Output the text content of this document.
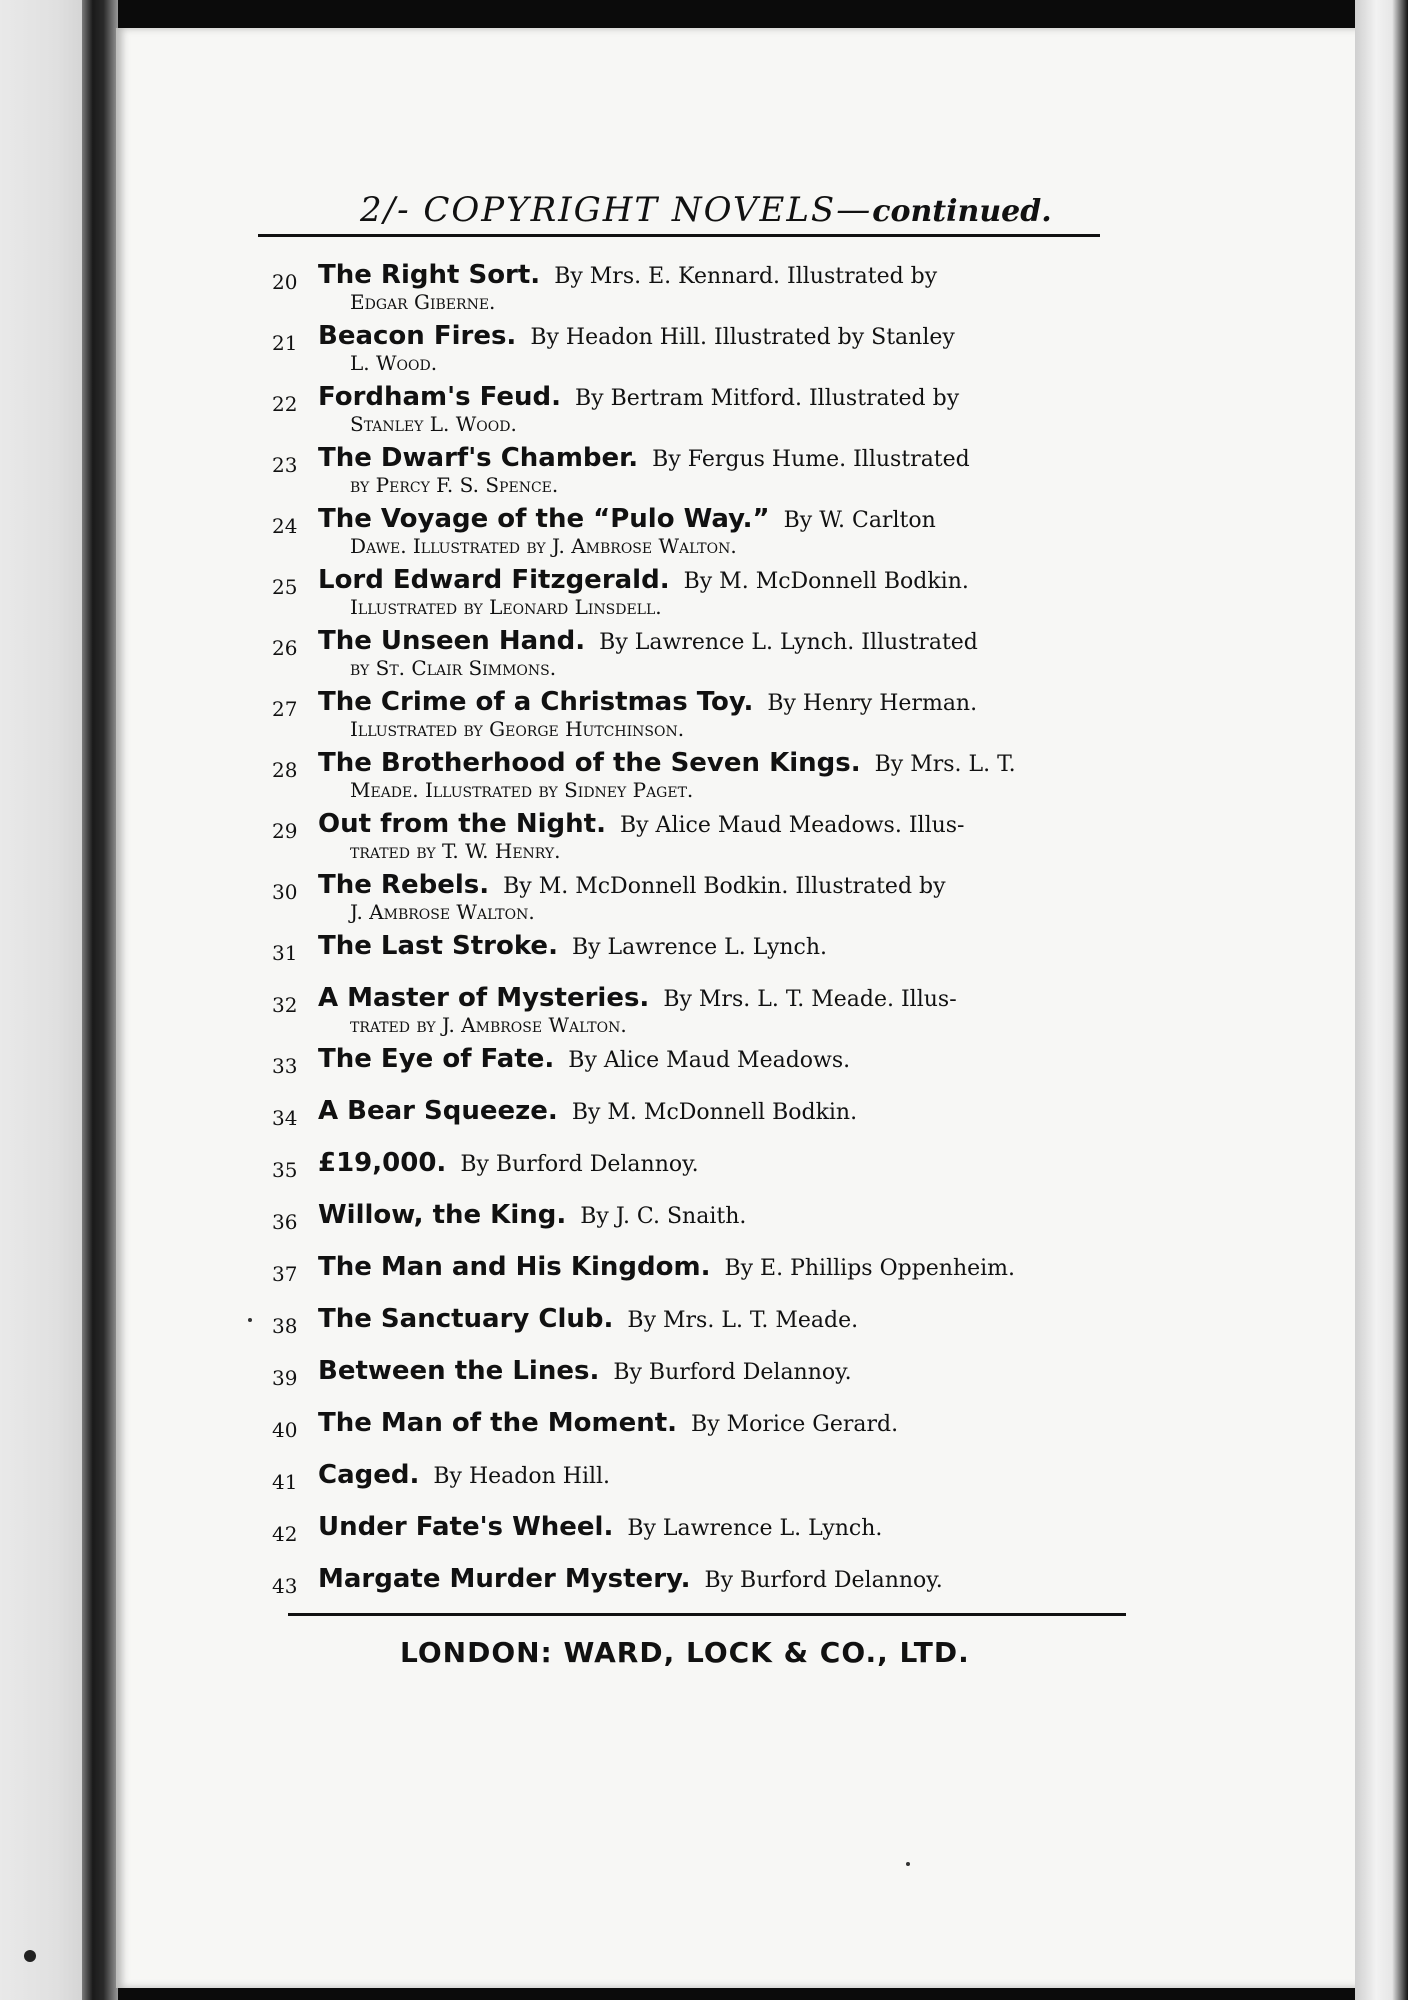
2/- COPYRIGHT NOVELS—continued.
20 The Right Sort. By Mrs. E. Kennard. Illustrated by
Edgar Giberne.
21 Beacon Fires. By Headon Hill. Illustrated by Stanley
L. Wood.
22 Fordham's Feud. By Bertram Mitford. Illustrated by
Stanley L. Wood.
23 The Dwarf's Chamber. By Fergus Hume. Illustrated
by Percy F. S. Spence.
24 The Voyage of the “Pulo Way.” By W. Carlton
Dawe. Illustrated by J. Ambrose Walton.
25 Lord Edward Fitzgerald. By M. McDonnell Bodkin.
Illustrated by Leonard Linsdell.
26 The Unseen Hand. By Lawrence L. Lynch. Illustrated
by St. Clair Simmons.
27 The Crime of a Christmas Toy. By Henry Herman.
Illustrated by George Hutchinson.
28 The Brotherhood of the Seven Kings. By Mrs. L. T.
Meade. Illustrated by Sidney Paget.
29 Out from the Night. By Alice Maud Meadows. Illus-
trated by T. W. Henry.
30 The Rebels. By M. McDonnell Bodkin. Illustrated by
J. Ambrose Walton.
31 The Last Stroke. By Lawrence L. Lynch.
32 A Master of Mysteries. By Mrs. L. T. Meade. Illus-
trated by J. Ambrose Walton.
33 The Eye of Fate. By Alice Maud Meadows.
34 A Bear Squeeze. By M. McDonnell Bodkin.
35 £19,000. By Burford Delannoy.
36 Willow, the King. By J. C. Snaith.
37 The Man and His Kingdom. By E. Phillips Oppenheim.
38 The Sanctuary Club. By Mrs. L. T. Meade.
39 Between the Lines. By Burford Delannoy.
40 The Man of the Moment. By Morice Gerard.
41 Caged. By Headon Hill.
42 Under Fate's Wheel. By Lawrence L. Lynch.
43 Margate Murder Mystery. By Burford Delannoy.
LONDON: WARD, LOCK & CO., LTD.
